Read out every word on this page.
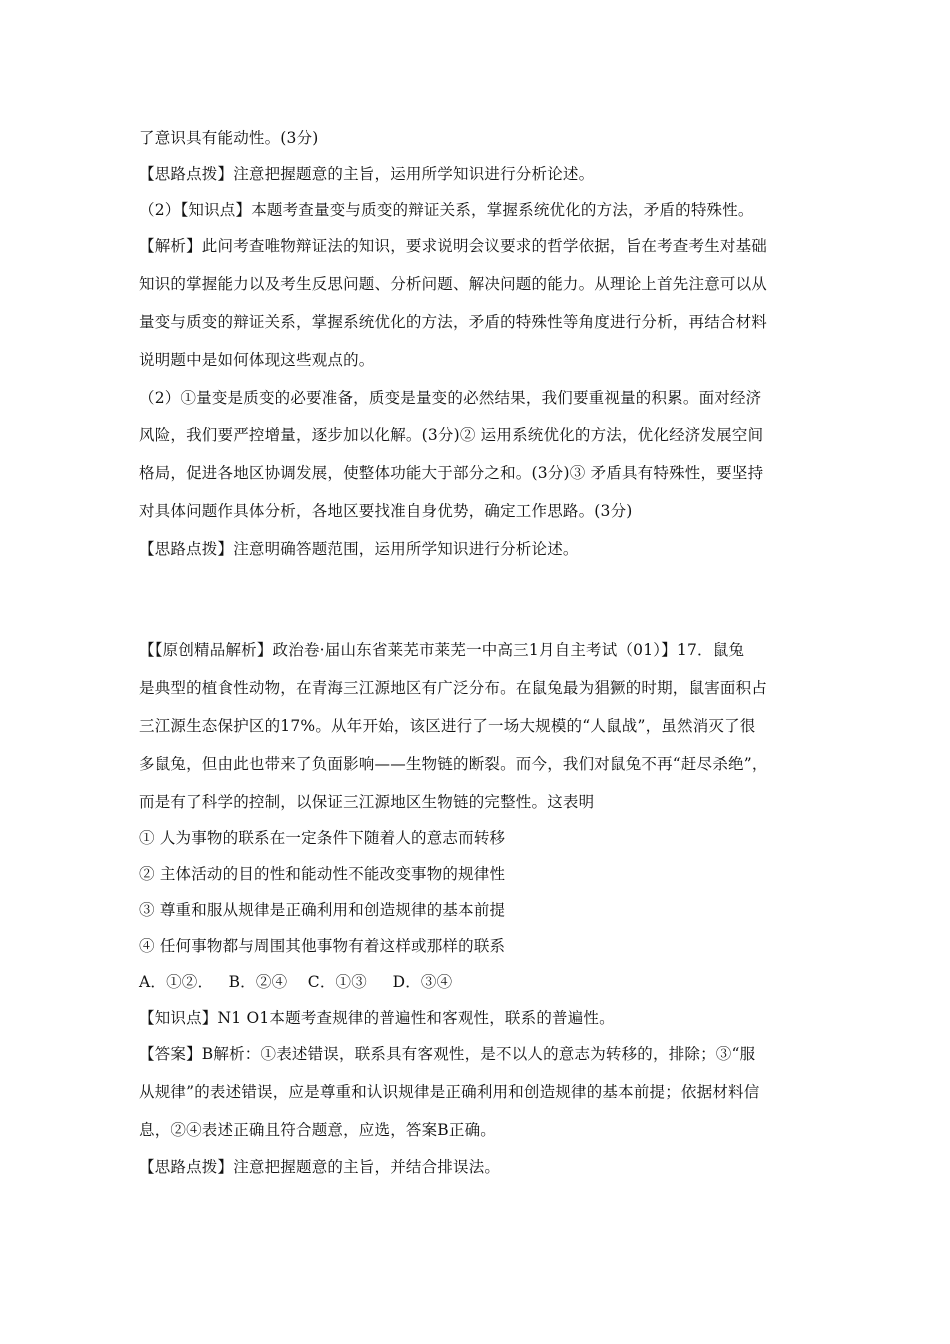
了意识具有能动性。(3分)
【思路点拨】注意把握题意的主旨，运用所学知识进行分析论述。
（2）【知识点】本题考查量变与质变的辩证关系，掌握系统优化的方法，矛盾的特殊性。
【解析】此问考查唯物辩证法的知识，要求说明会议要求的哲学依据，旨在考查考生对基础
知识的掌握能力以及考生反思问题、分析问题、解决问题的能力。从理论上首先注意可以从
量变与质变的辩证关系，掌握系统优化的方法，矛盾的特殊性等角度进行分析，再结合材料
说明题中是如何体现这些观点的。
（2）①量变是质变的必要准备，质变是量变的必然结果，我们要重视量的积累。面对经济
风险，我们要严控增量，逐步加以化解。(3分)② 运用系统优化的方法，优化经济发展空间
格局，促进各地区协调发展，使整体功能大于部分之和。(3分)③ 矛盾具有特殊性，要坚持
对具体问题作具体分析，各地区要找准自身优势，确定工作思路。(3分)
【思路点拨】注意明确答题范围，运用所学知识进行分析论述。
【【原创精品解析】政治卷·届山东省莱芜市莱芜一中高三1月自主考试（01）】17．鼠兔
是典型的植食性动物，在青海三江源地区有广泛分布。在鼠兔最为猖獗的时期，鼠害面积占
三江源生态保护区的17%。从年开始，该区进行了一场大规模的“人鼠战”，虽然消灭了很
多鼠兔，但由此也带来了负面影响——生物链的断裂。而今，我们对鼠兔不再“赶尽杀绝”，
而是有了科学的控制，以保证三江源地区生物链的完整性。这表明
① 人为事物的联系在一定条件下随着人的意志而转移
② 主体活动的目的性和能动性不能改变事物的规律性
③ 尊重和服从规律是正确利用和创造规律的基本前提
④ 任何事物都与周围其他事物有着这样或那样的联系
A．①②．   B．②④    C．①③     D．③④
【知识点】N1 O1本题考查规律的普遍性和客观性，联系的普遍性。
【答案】B解析：①表述错误，联系具有客观性，是不以人的意志为转移的，排除；③“服
从规律”的表述错误，应是尊重和认识规律是正确利用和创造规律的基本前提；依据材料信
息，②④表述正确且符合题意，应选，答案B正确。
【思路点拨】注意把握题意的主旨，并结合排误法。
